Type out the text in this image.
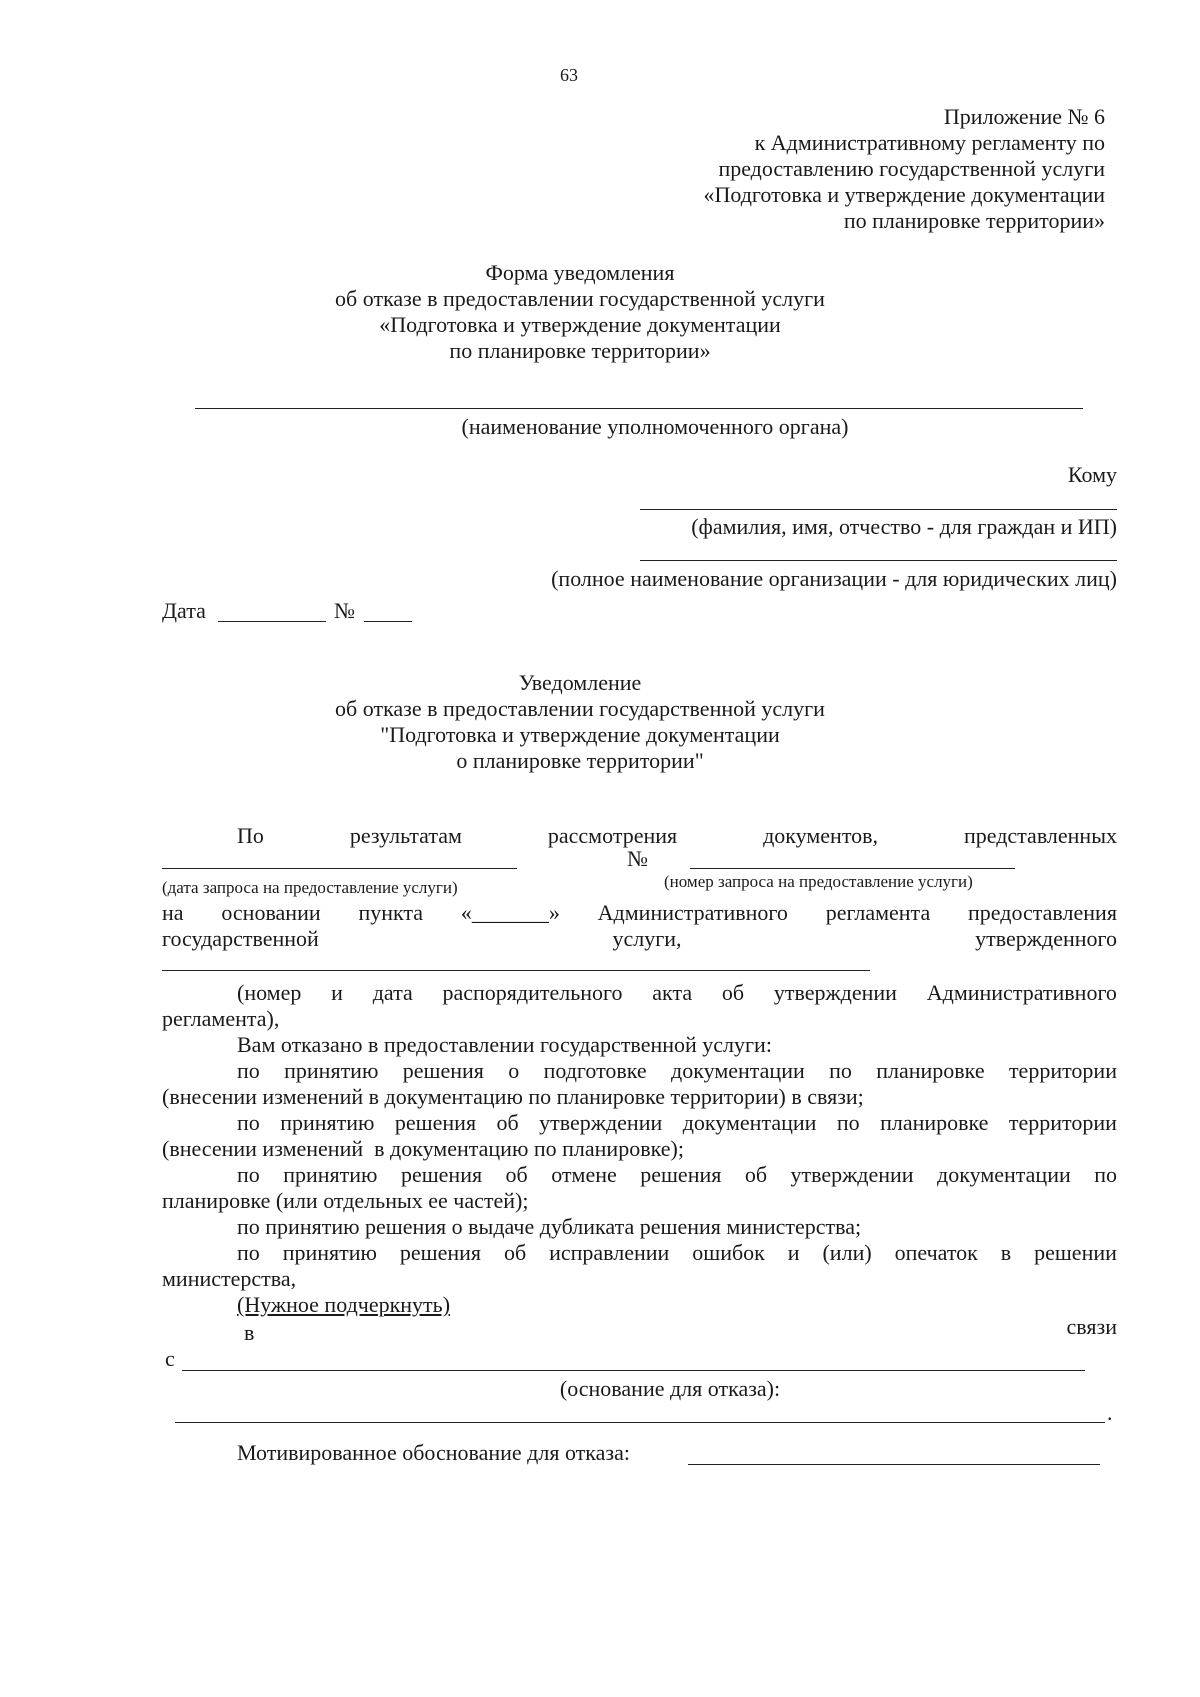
63
Приложение № 6
к Административному регламенту по
предоставлению государственной услуги
«Подготовка и утверждение документации
по планировке территории»
Форма уведомления
об отказе в предоставлении государственной услуги
«Подготовка и утверждение документации
по планировке территории»
(наименование уполномоченного органа)
Кому
(фамилия, имя, отчество - для граждан и ИП)
(полное наименование организации - для юридических лиц)
Дата	№
Уведомление
об отказе в предоставлении государственной услуги
"Подготовка и утверждение документации
о планировке территории"
По	результатам	рассмотрения	документов,	представленных
№
(дата запроса на предоставление услуги)	(номер запроса на предоставление услуги)
на основании пункта «_______» Административного регламента предоставления
государственной	услуги,	утвержденного
(номер и дата распорядительного акта об утверждении Административного
регламента),
Вам отказано в предоставлении государственной услуги:
по принятию решения о подготовке документации по планировке территории
(внесении изменений в документацию по планировке территории) в связи;
по принятию решения об утверждении документации по планировке территории
(внесении изменений  в документацию по планировке);
по принятию решения об отмене решения об утверждении документации по
планировке (или отдельных ее частей);
по принятию решения о выдаче дубликата решения министерства;
по принятию решения об исправлении ошибок и (или) опечаток в решении
министерства,
(Нужное подчеркнуть)
в	связи
с
(основание для отказа):
.
Мотивированное обоснование для отказа:
